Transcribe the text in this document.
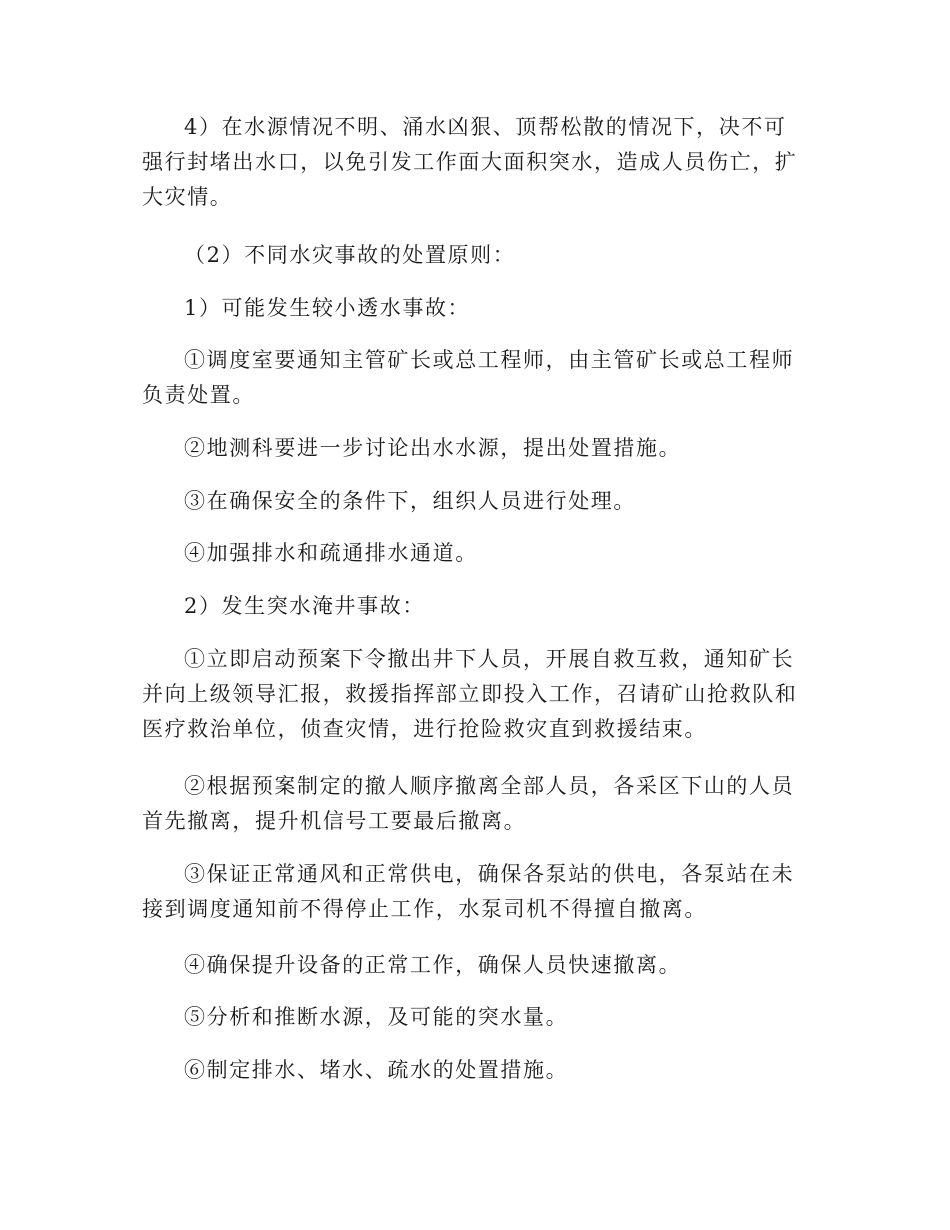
4）在水源情况不明、涌水凶狠、顶帮松散的情况下，决不可强行封堵出水口，以免引发工作面大面积突水，造成人员伤亡，扩大灾情。

（2）不同水灾事故的处置原则：

1）可能发生较小透水事故：

①调度室要通知主管矿长或总工程师，由主管矿长或总工程师负责处置。

②地测科要进一步讨论出水水源，提出处置措施。

③在确保安全的条件下，组织人员进行处理。

④加强排水和疏通排水通道。

2）发生突水淹井事故：

①立即启动预案下令撤出井下人员，开展自救互救，通知矿长并向上级领导汇报，救援指挥部立即投入工作，召请矿山抢救队和医疗救治单位，侦查灾情，进行抢险救灾直到救援结束。

②根据预案制定的撤人顺序撤离全部人员，各采区下山的人员首先撤离，提升机信号工要最后撤离。

③保证正常通风和正常供电，确保各泵站的供电，各泵站在未接到调度通知前不得停止工作，水泵司机不得擅自撤离。

④确保提升设备的正常工作，确保人员快速撤离。

⑤分析和推断水源，及可能的突水量。

⑥制定排水、堵水、疏水的处置措施。
